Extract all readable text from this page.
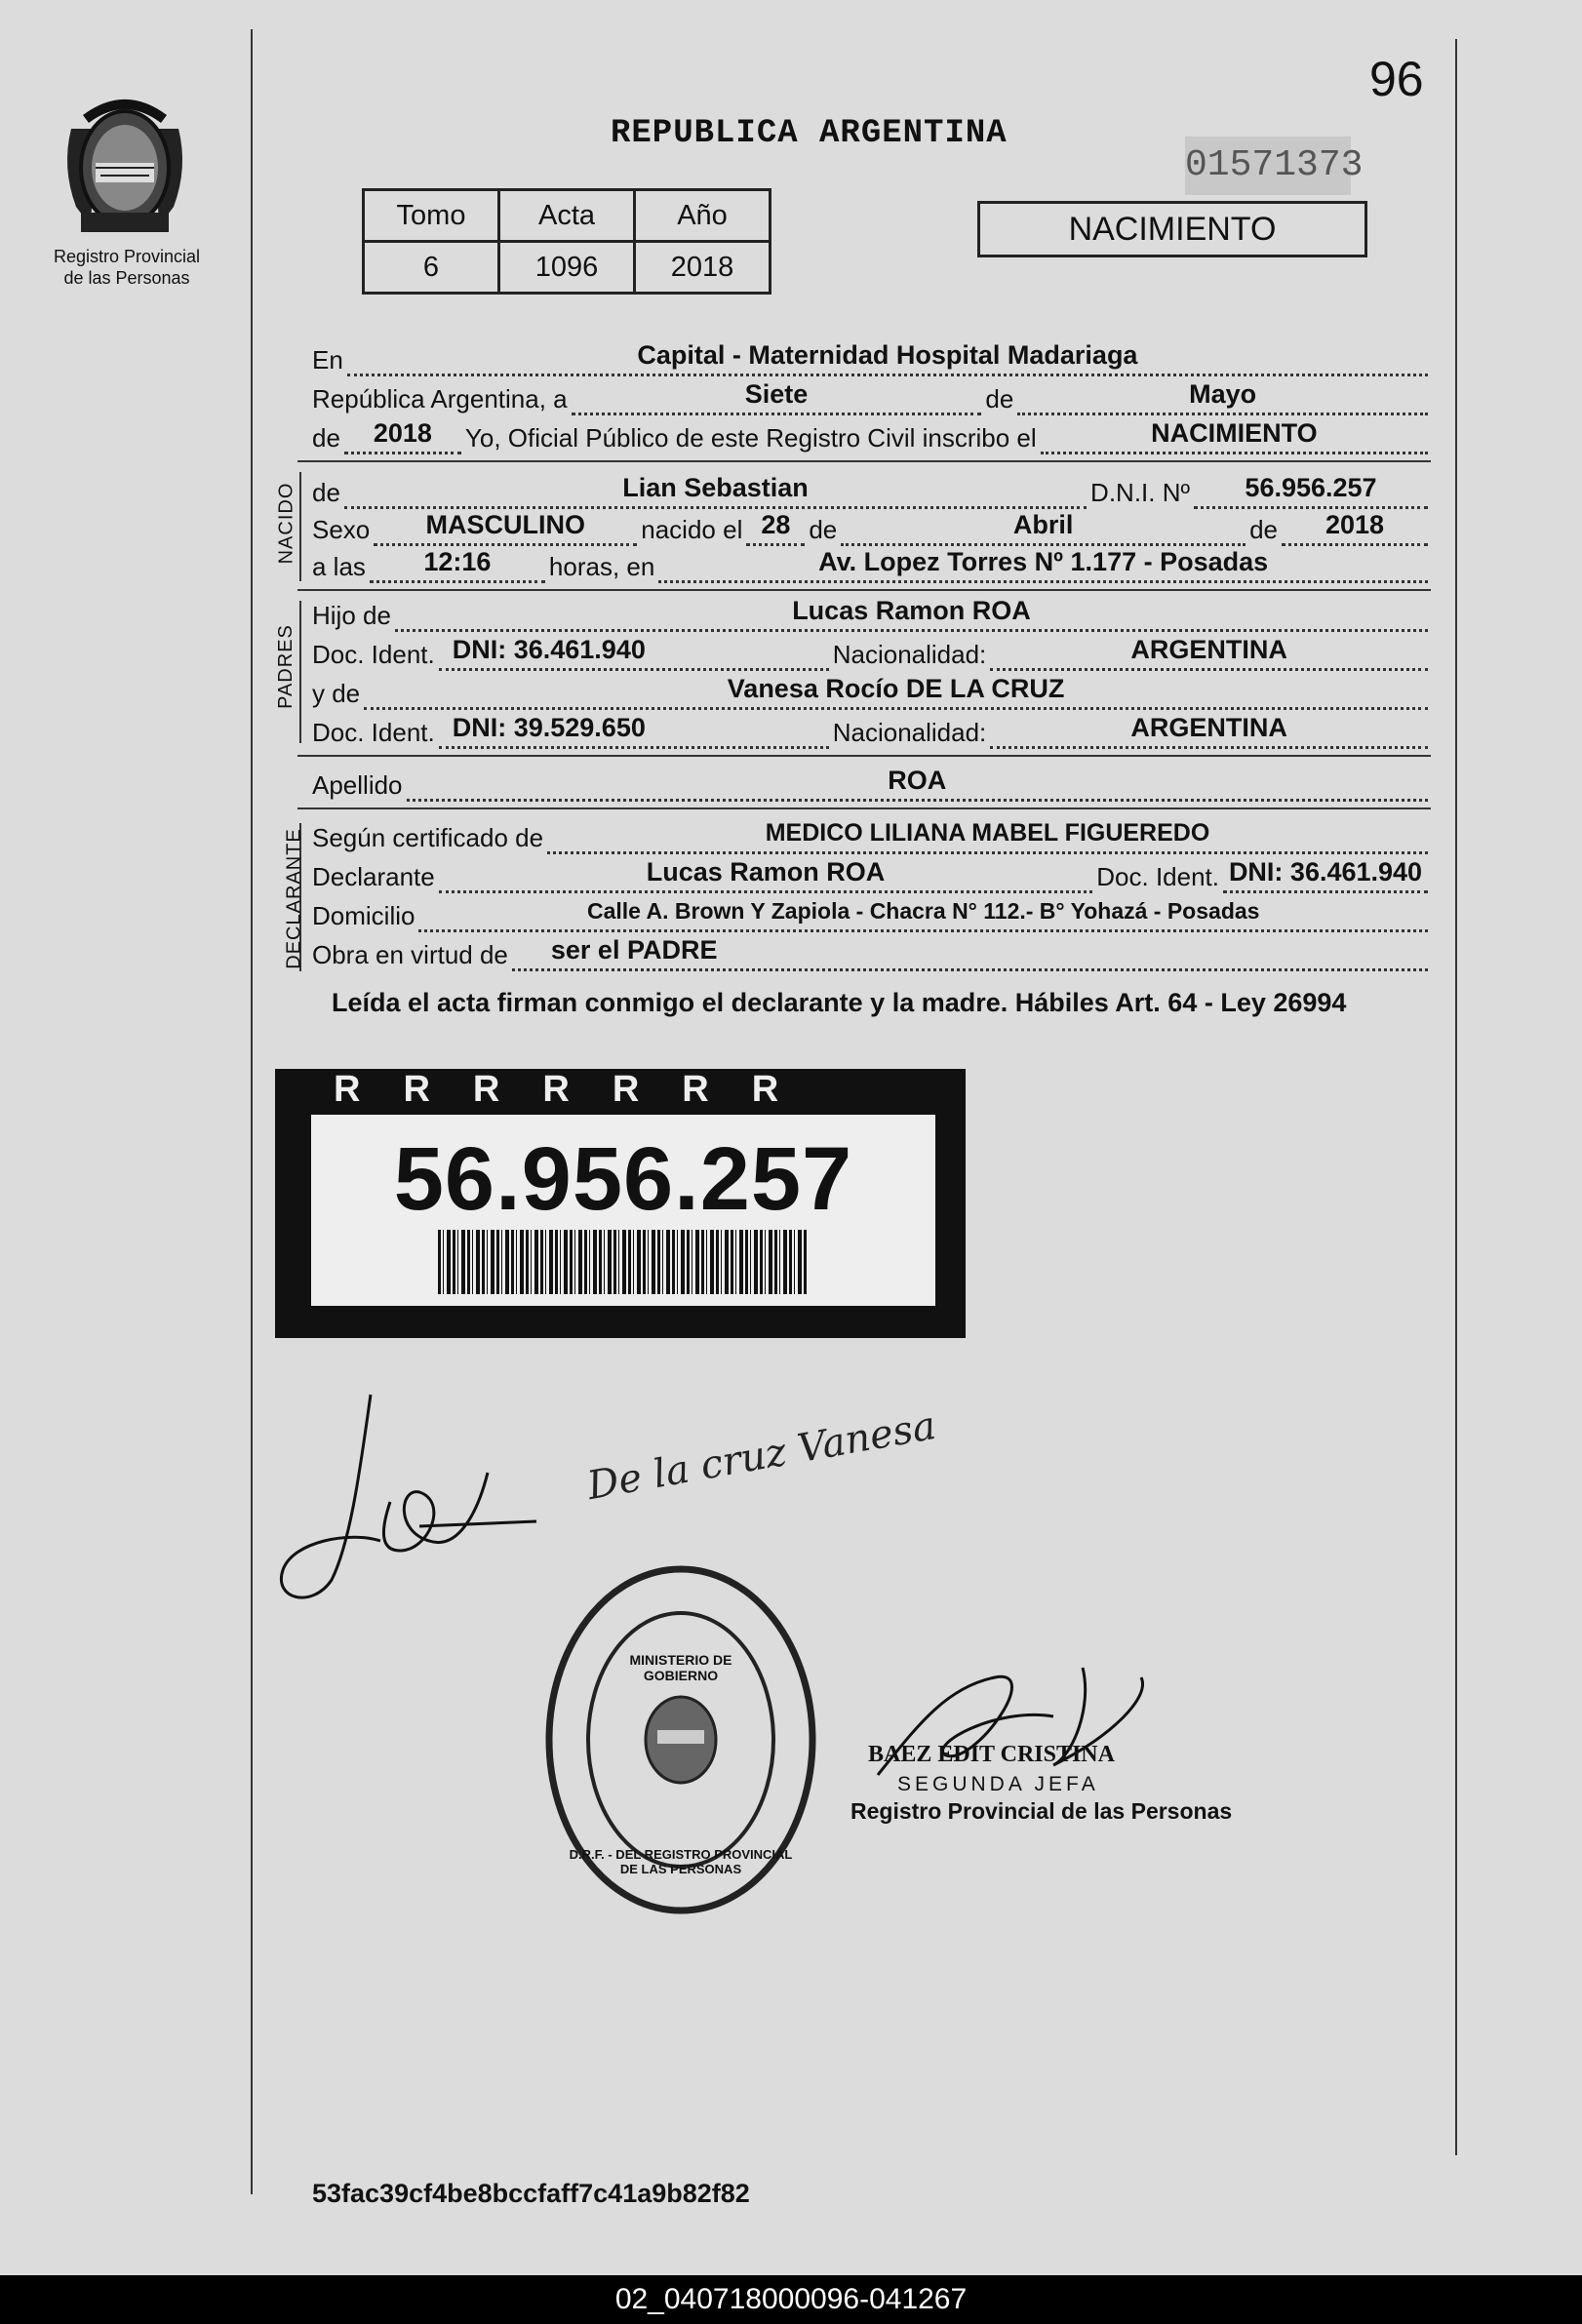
Registro Provincial
de las Personas
96
REPUBLICA ARGENTINA
01571373
Tomo	Acta	Año
6	1096	2018
NACIMIENTO
En	Capital - Maternidad Hospital Madariaga
República Argentina, a	Siete	de	Mayo
de	2018	Yo, Oficial Público de este Registro Civil inscribo el	NACIMIENTO
NACIDO de	Lian Sebastian	D.N.I. Nº	56.956.257
Sexo	MASCULINO	nacido el 28 de	Abril	de	2018
a las	12:16	horas, en	Av. Lopez Torres Nº 1.177 - Posadas
PADRES
Hijo de	Lucas Ramon ROA
Doc. Ident. DNI: 36.461.940	Nacionalidad:	ARGENTINA
y de	Vanesa Rocío DE LA CRUZ
Doc. Ident. DNI: 39.529.650	Nacionalidad:	ARGENTINA
Apellido	ROA
DECLARANTE Según certificado de	MEDICO LILIANA MABEL FIGUEREDO
Declarante	Lucas Ramon ROA	Doc. Ident. DNI: 36.461.940
Domicilio	Calle A. Brown Y Zapiola - Chacra N° 112.- B° Yohazá - Posadas
Obra en virtud de ser el PADRE
Leída el acta firman conmigo el declarante y la madre. Hábiles Art. 64 - Ley 26994
RRRRRRR
56.956.257
De la cruz Vanesa
D.R.F. - DEL REGISTRO PROVINCIAL DE LAS PERSONAS
MINISTERIO DE GOBIERNO
BAEZ EDIT CRISTINA
SEGUNDA JEFA
Registro Provincial de las Personas
53fac39cf4be8bccfaff7c41a9b82f82
02_040718000096-041267
